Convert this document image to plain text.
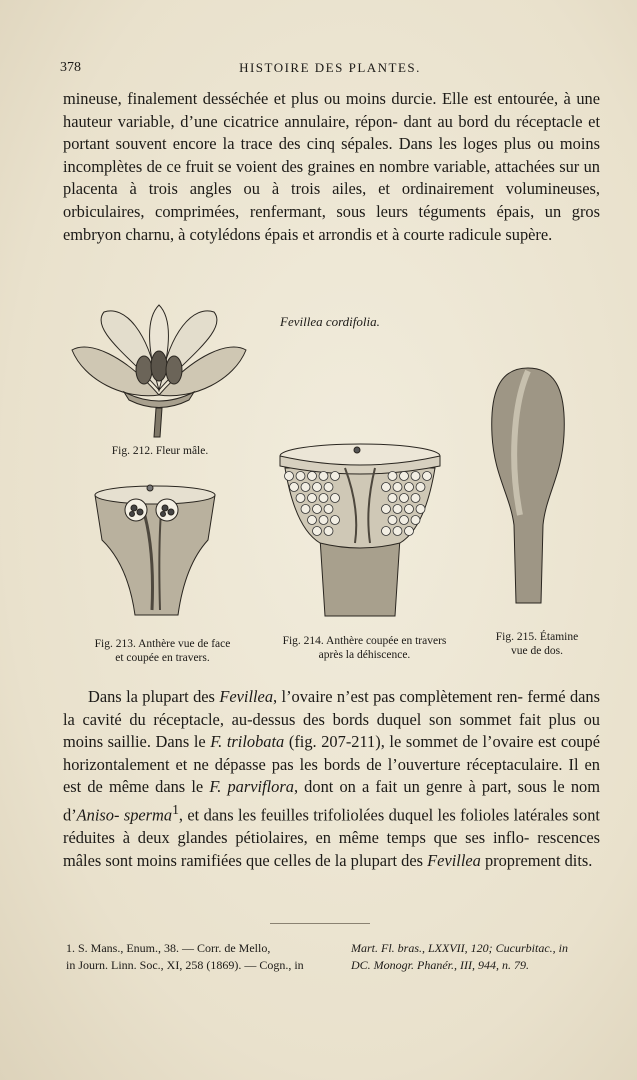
378	HISTOIRE DES PLANTES.

mineuse, finalement desséchée et plus ou moins durcie. Elle est entourée, à une hauteur variable, d’une cicatrice annulaire, répon- dant au bord du réceptacle et portant souvent encore la trace des cinq sépales. Dans les loges plus ou moins incomplètes de ce fruit se voient des graines en nombre variable, attachées sur un placenta à trois angles ou à trois ailes, et ordinairement volumineuses, orbiculaires, comprimées, renfermant, sous leurs téguments épais, un gros embryon charnu, à cotylédons épais et arrondis et à courte radicule supère.

Fevillea cordifolia.
Fig. 212. Fleur mâle.
Fig. 213. Anthère vue de face
et coupée en travers.
Fig. 214. Anthère coupée en travers
après la déhiscence.
Fig. 215. Étamine
vue de dos.

Dans la plupart des Fevillea, l’ovaire n’est pas complètement ren- fermé dans la cavité du réceptacle, au-dessus des bords duquel son sommet fait plus ou moins saillie. Dans le F. trilobata (fig. 207-211), le sommet de l’ovaire est coupé horizontalement et ne dépasse pas les bords de l’ouverture réceptaculaire. Il en est de même dans le F. parviflora, dont on a fait un genre à part, sous le nom d’Aniso- sperma$^1$, et dans les feuilles trifoliolées duquel les folioles latérales sont réduites à deux glandes pétiolaires, en même temps que ses inflo- rescences mâles sont moins ramifiées que celles de la plupart des Fevillea proprement dits.

1. S. Mans., Enum., 38. — Corr. de Mello,
in Journ. Linn. Soc., XI, 258 (1869). — Cogn., in
Mart. Fl. bras., LXXVII, 120; Cucurbitac., in
DC. Monogr. Phanér., III, 944, n. 79.
